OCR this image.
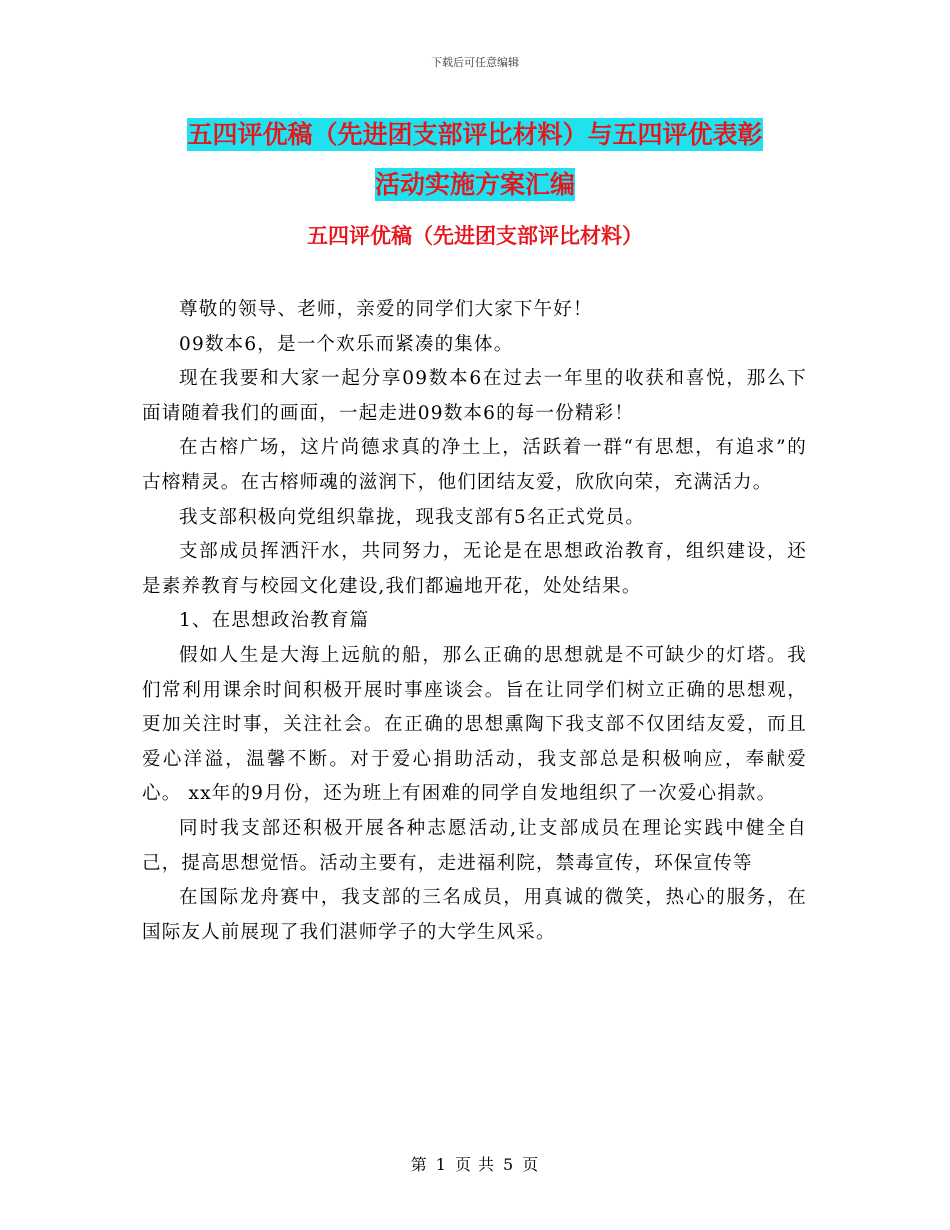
下载后可任意编辑
五四评优稿（先进团支部评比材料）与五四评优表彰
活动实施方案汇编
五四评优稿（先进团支部评比材料）

尊敬的领导、老师，亲爱的同学们大家下午好！

09数本6，是一个欢乐而紧凑的集体。

现在我要和大家一起分享09数本6在过去一年里的收获和喜悦，那么下面请随着我们的画面，一起走进09数本6的每一份精彩！

在古榕广场，这片尚德求真的净土上，活跃着一群“有思想，有追求”的古榕精灵。在古榕师魂的滋润下，他们团结友爱，欣欣向荣，充满活力。

我支部积极向党组织靠拢，现我支部有5名正式党员。

支部成员挥洒汗水，共同努力，无论是在思想政治教育，组织建设，还是素养教育与校园文化建设,我们都遍地开花，处处结果。

1、在思想政治教育篇

假如人生是大海上远航的船，那么正确的思想就是不可缺少的灯塔。我们常利用课余时间积极开展时事座谈会。旨在让同学们树立正确的思想观，更加关注时事，关注社会。在正确的思想熏陶下我支部不仅团结友爱，而且爱心洋溢，温馨不断。对于爱心捐助活动，我支部总是积极响应，奉献爱心。 xx年的9月份，还为班上有困难的同学自发地组织了一次爱心捐款。

同时我支部还积极开展各种志愿活动,让支部成员在理论实践中健全自己，提高思想觉悟。活动主要有，走进福利院，禁毒宣传，环保宣传等

在国际龙舟赛中，我支部的三名成员，用真诚的微笑，热心的服务，在国际友人前展现了我们湛师学子的大学生风采。

第 1 页 共 5 页
